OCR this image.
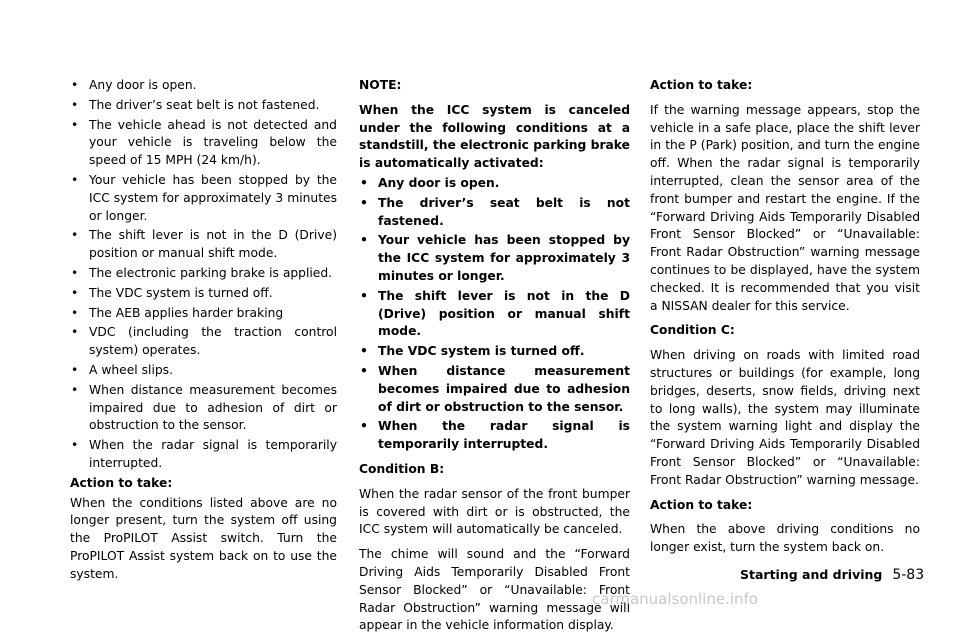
• Any door is open.
• The driver’s seat belt is not fastened.
• The vehicle ahead is not detected and your vehicle is traveling below the speed of 15 MPH (24 km/h).
• Your vehicle has been stopped by the ICC system for approximately 3 minutes or longer.
• The shift lever is not in the D (Drive) position or manual shift mode.
• The electronic parking brake is applied.
• The VDC system is turned off.
• The AEB applies harder braking
• VDC (including the traction control system) operates.
• A wheel slips.
• When distance measurement becomes impaired due to adhesion of dirt or obstruction to the sensor.
• When the radar signal is temporarily interrupted.

Action to take:

When the conditions listed above are no longer present, turn the system off using the ProPILOT Assist switch. Turn the ProPILOT Assist system back on to use the system.

NOTE:

When the ICC system is canceled under the following conditions at a standstill, the electronic parking brake is automatically activated:

• Any door is open.
• The driver’s seat belt is not fastened.
• Your vehicle has been stopped by the ICC system for approximately 3 minutes or longer.
• The shift lever is not in the D (Drive) position or manual shift mode.
• The VDC system is turned off.
• When distance measurement becomes impaired due to adhesion of dirt or obstruction to the sensor.
• When the radar signal is temporarily interrupted.

Condition B:

When the radar sensor of the front bumper is covered with dirt or is obstructed, the ICC system will automatically be canceled.

The chime will sound and the “Forward Driving Aids Temporarily Disabled Front Sensor Blocked” or “Unavailable: Front Radar Obstruction” warning message will appear in the vehicle information display.

Action to take:

If the warning message appears, stop the vehicle in a safe place, place the shift lever in the P (Park) position, and turn the engine off. When the radar signal is temporarily interrupted, clean the sensor area of the front bumper and restart the engine. If the “Forward Driving Aids Temporarily Disabled Front Sensor Blocked” or “Unavailable: Front Radar Obstruction” warning message continues to be displayed, have the system checked. It is recommended that you visit a NISSAN dealer for this service.

Condition C:

When driving on roads with limited road structures or buildings (for example, long bridges, deserts, snow fields, driving next to long walls), the system may illuminate the system warning light and display the “Forward Driving Aids Temporarily Disabled Front Sensor Blocked” or “Unavailable: Front Radar Obstruction” warning message.

Action to take:

When the above driving conditions no longer exist, turn the system back on.

Starting and driving 5-83
carmanualsonline.info
